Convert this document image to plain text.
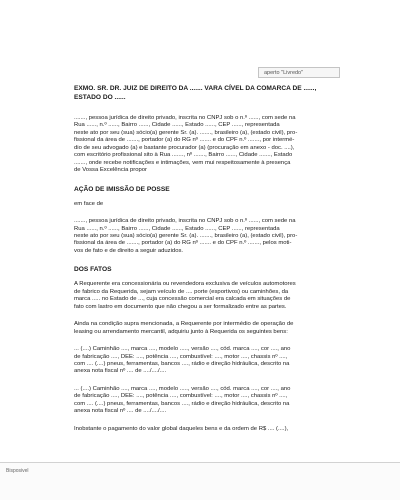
aperto "Livredo"

EXMO. SR. DR. JUIZ DE DIREITO DA ....... VARA CÍVEL DA COMARCA DE ......,
ESTADO DO ......

......., pessoa jurídica de direito privado, inscrita no CNPJ sob o n.º ......, com sede na
Rua ......, n.º ......, Bairro ......, Cidade ......, Estado ......, CEP ......, representada
neste ato por seu (sua) sócio(a) gerente Sr. (a). ......., brasileiro (a), (estado civil), pro-
fissional da área de ......., portador (a) do RG nº ....... e do CPF n.º ......., por intermé-
dio de seu advogado (a) e bastante procurador (a) (procuração em anexo - doc. ....),
com escritório profissional sito à Rua ......., nº ......., Bairro ......, Cidade ......., Estado
......., onde recebe notificações e intimações, vem mui respeitosamente à presença
de Vossa Excelência propor

AÇÃO DE IMISSÃO DE POSSE

em face de

......., pessoa jurídica de direito privado, inscrita no CNPJ sob o n.º ......, com sede na
Rua ......, n.º ......, Bairro ......, Cidade ......, Estado ......, CEP ......, representada
neste ato por seu (sua) sócio(a) gerente Sr. (a). ......., brasileiro (a), (estado civil), pro-
fissional da área de ......., portador (a) do RG nº ....... e do CPF n.º ......., pelos moti-
vos de fato e de direito a seguir aduzidos.

DOS FATOS

A Requerente era concessionária ou revendedora exclusiva de veículos automotores
de fabrico da Requerida, sejam veículo de .... porte (esportivos) ou caminhões, da
marca ..... no Estado de ..., cuja concessão comercial era calcada em situações de
fato com lastro em documento que não chegou a ser formalizado entre as partes.

Ainda na condição supra mencionada, a Requerente por intermédio de operação de
leasing ou arrendamento mercantil, adquiriu junto à Requerida os seguintes bens:

... (....) Caminhão ...., marca ...., modelo ....., versão ...., cód. marca ...., cor ...., ano
de fabricação ...., DEE: ...., potência ...., combustível: ...., motor ...., chassis nº ....,
com .... (....) pneus, ferramentas, bancos ...., rádio e direção hidráulica, descrito na
anexa nota fiscal nº .... de ..../..../....

... (....) Caminhão ...., marca ...., modelo ....., versão ...., cód. marca ...., cor ...., ano
de fabricação ...., DEE: ...., potência ...., combustível: ...., motor ...., chassis nº ....,
com .... (....) pneus, ferramentas, bancos ...., rádio e direção hidráulica, descrito na
anexa nota fiscal nº .... de ..../..../....

Inobstante o pagamento do valor global daqueles bens e da ordem de R$ .... (....),

Bisposivel
